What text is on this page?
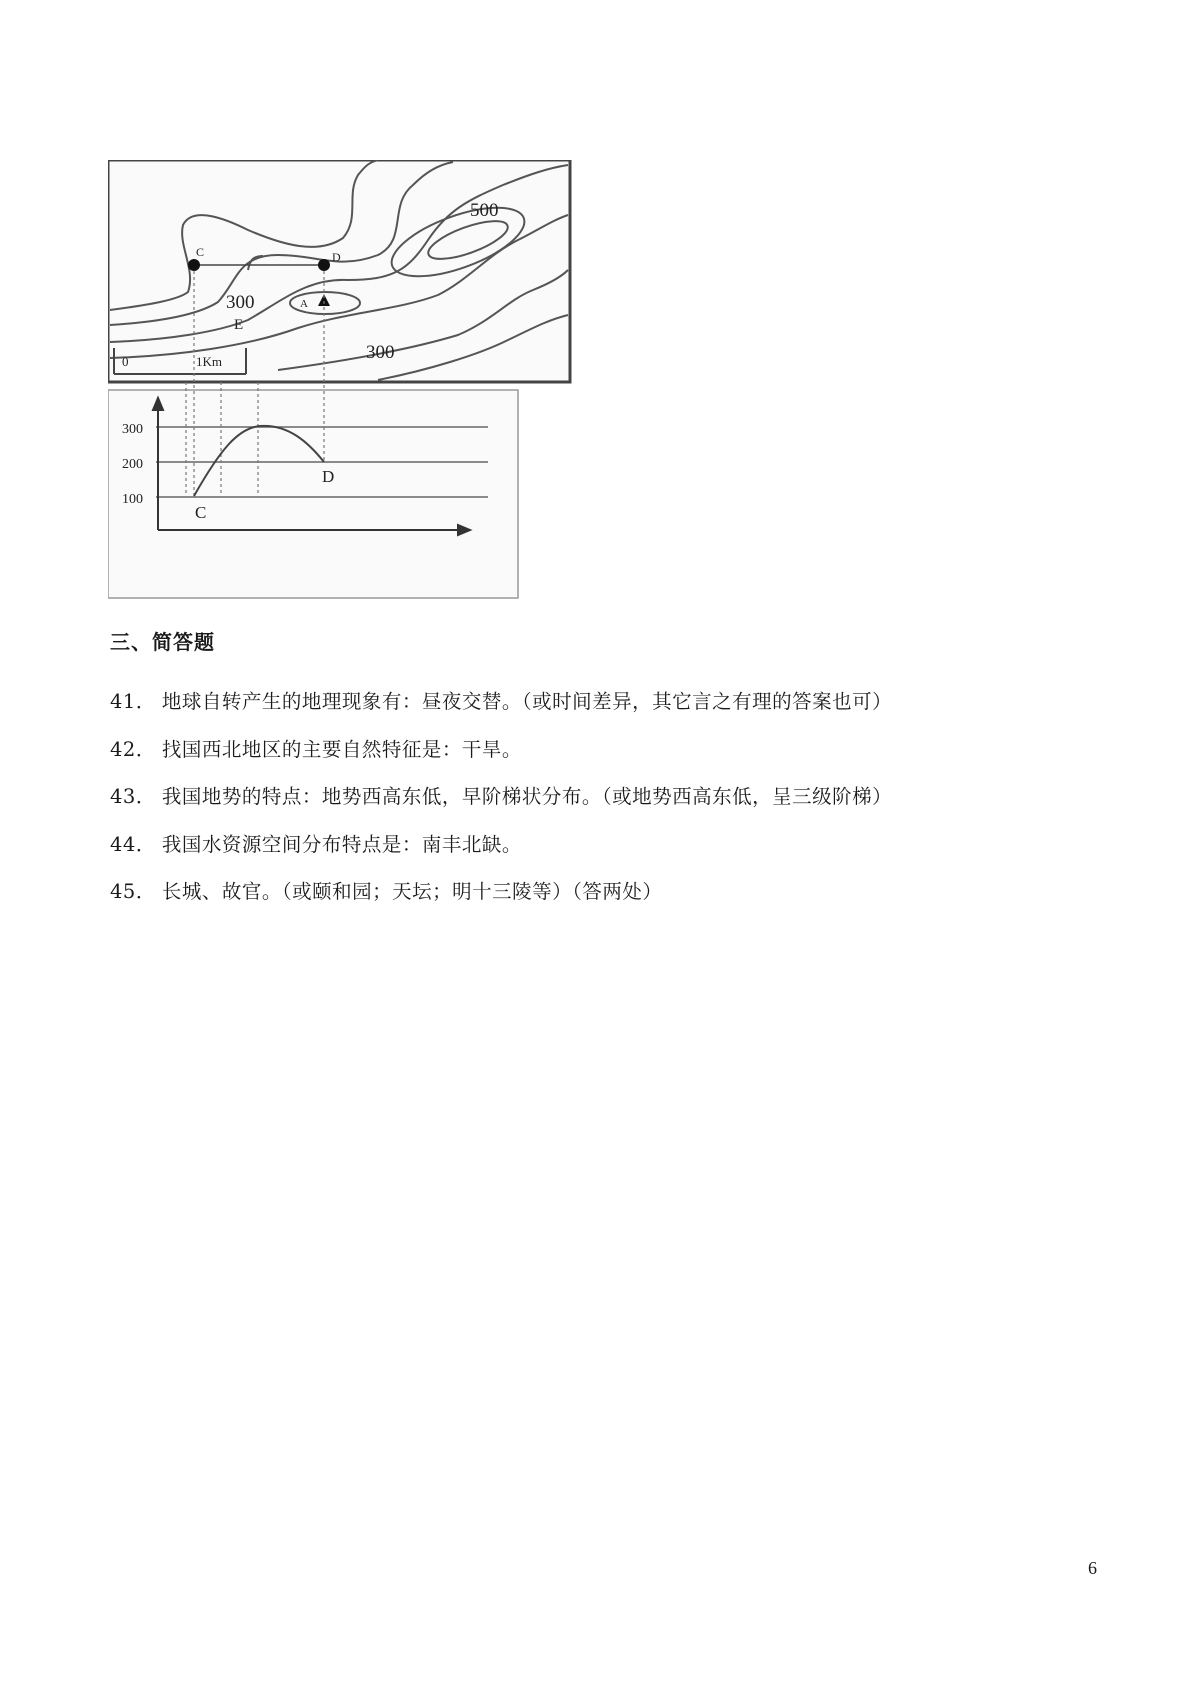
500
300
300
C	D
A
E
0	1Km
300
200
100
C
D
三、简答题
41． 地球自转产生的地理现象有：昼夜交替。（或时间差异，其它言之有理的答案也可）
42． 找国西北地区的主要自然特征是：干旱。
43． 我国地势的特点：地势西高东低，早阶梯状分布。（或地势西高东低，呈三级阶梯）
44． 我国水资源空间分布特点是：南丰北缺。
45． 长城、故官。（或颐和园；天坛；明十三陵等）（答两处）
6
